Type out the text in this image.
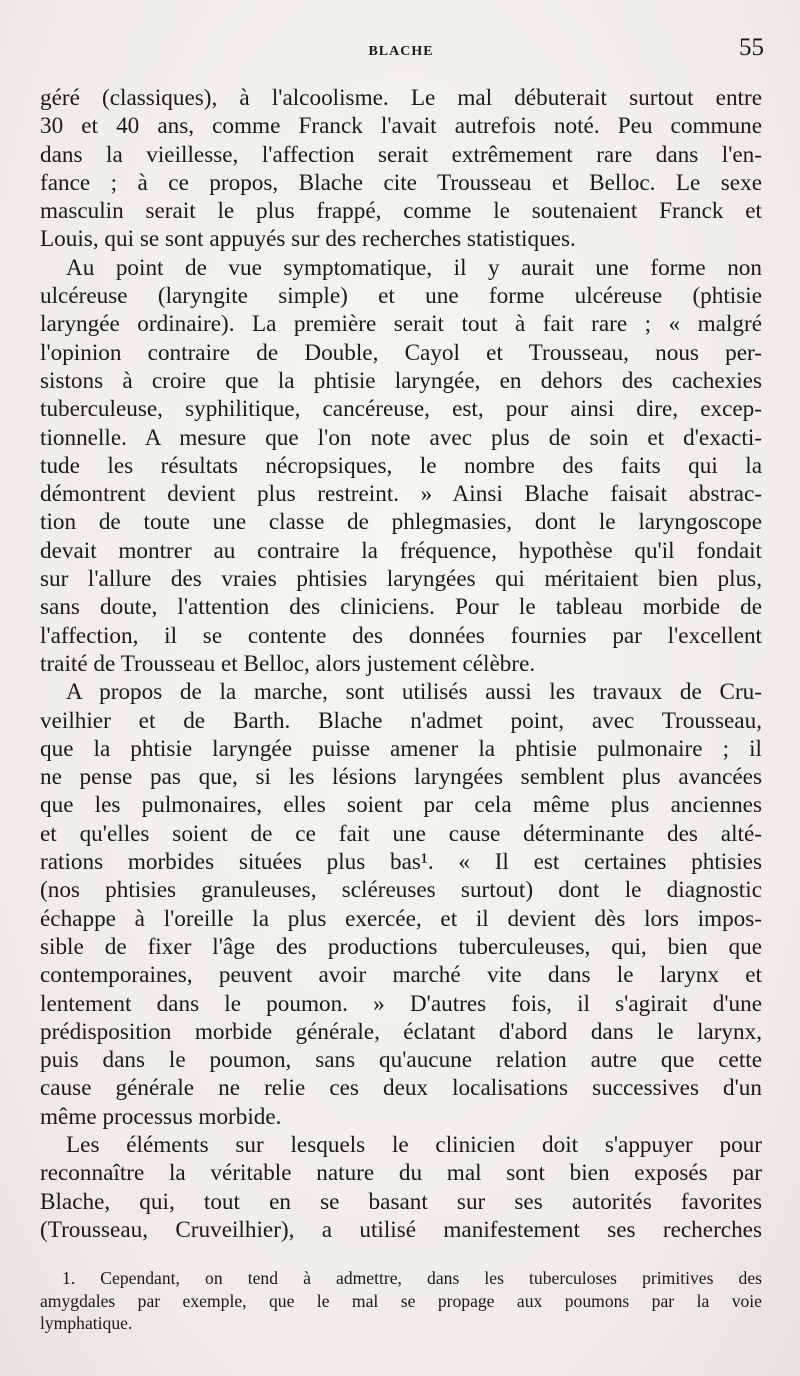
BLACHE	55
géré (classiques), à l'alcoolisme. Le mal débuterait surtout entre
30 et 40 ans, comme Franck l'avait autrefois noté. Peu commune
dans la vieillesse, l'affection serait extrêmement rare dans l'en-
fance ; à ce propos, Blache cite Trousseau et Belloc. Le sexe
masculin serait le plus frappé, comme le soutenaient Franck et
Louis, qui se sont appuyés sur des recherches statistiques.
Au point de vue symptomatique, il y aurait une forme non
ulcéreuse (laryngite simple) et une forme ulcéreuse (phtisie
laryngée ordinaire). La première serait tout à fait rare ; « malgré
l'opinion contraire de Double, Cayol et Trousseau, nous per-
sistons à croire que la phtisie laryngée, en dehors des cachexies
tuberculeuse, syphilitique, cancéreuse, est, pour ainsi dire, excep-
tionnelle. A mesure que l'on note avec plus de soin et d'exacti-
tude les résultats nécropsiques, le nombre des faits qui la
démontrent devient plus restreint. » Ainsi Blache faisait abstrac-
tion de toute une classe de phlegmasies, dont le laryngoscope
devait montrer au contraire la fréquence, hypothèse qu'il fondait
sur l'allure des vraies phtisies laryngées qui méritaient bien plus,
sans doute, l'attention des cliniciens. Pour le tableau morbide de
l'affection, il se contente des données fournies par l'excellent
traité de Trousseau et Belloc, alors justement célèbre.
A propos de la marche, sont utilisés aussi les travaux de Cru-
veilhier et de Barth. Blache n'admet point, avec Trousseau,
que la phtisie laryngée puisse amener la phtisie pulmonaire ; il
ne pense pas que, si les lésions laryngées semblent plus avancées
que les pulmonaires, elles soient par cela même plus anciennes
et qu'elles soient de ce fait une cause déterminante des alté-
rations morbides situées plus bas¹. « Il est certaines phtisies
(nos phtisies granuleuses, scléreuses surtout) dont le diagnostic
échappe à l'oreille la plus exercée, et il devient dès lors impos-
sible de fixer l'âge des productions tuberculeuses, qui, bien que
contemporaines, peuvent avoir marché vite dans le larynx et
lentement dans le poumon. » D'autres fois, il s'agirait d'une
prédisposition morbide générale, éclatant d'abord dans le larynx,
puis dans le poumon, sans qu'aucune relation autre que cette
cause générale ne relie ces deux localisations successives d'un
même processus morbide.
Les éléments sur lesquels le clinicien doit s'appuyer pour
reconnaître la véritable nature du mal sont bien exposés par
Blache, qui, tout en se basant sur ses autorités favorites
(Trousseau, Cruveilhier), a utilisé manifestement ses recherches
1. Cependant, on tend à admettre, dans les tuberculoses primitives des
amygdales par exemple, que le mal se propage aux poumons par la voie
lymphatique.
